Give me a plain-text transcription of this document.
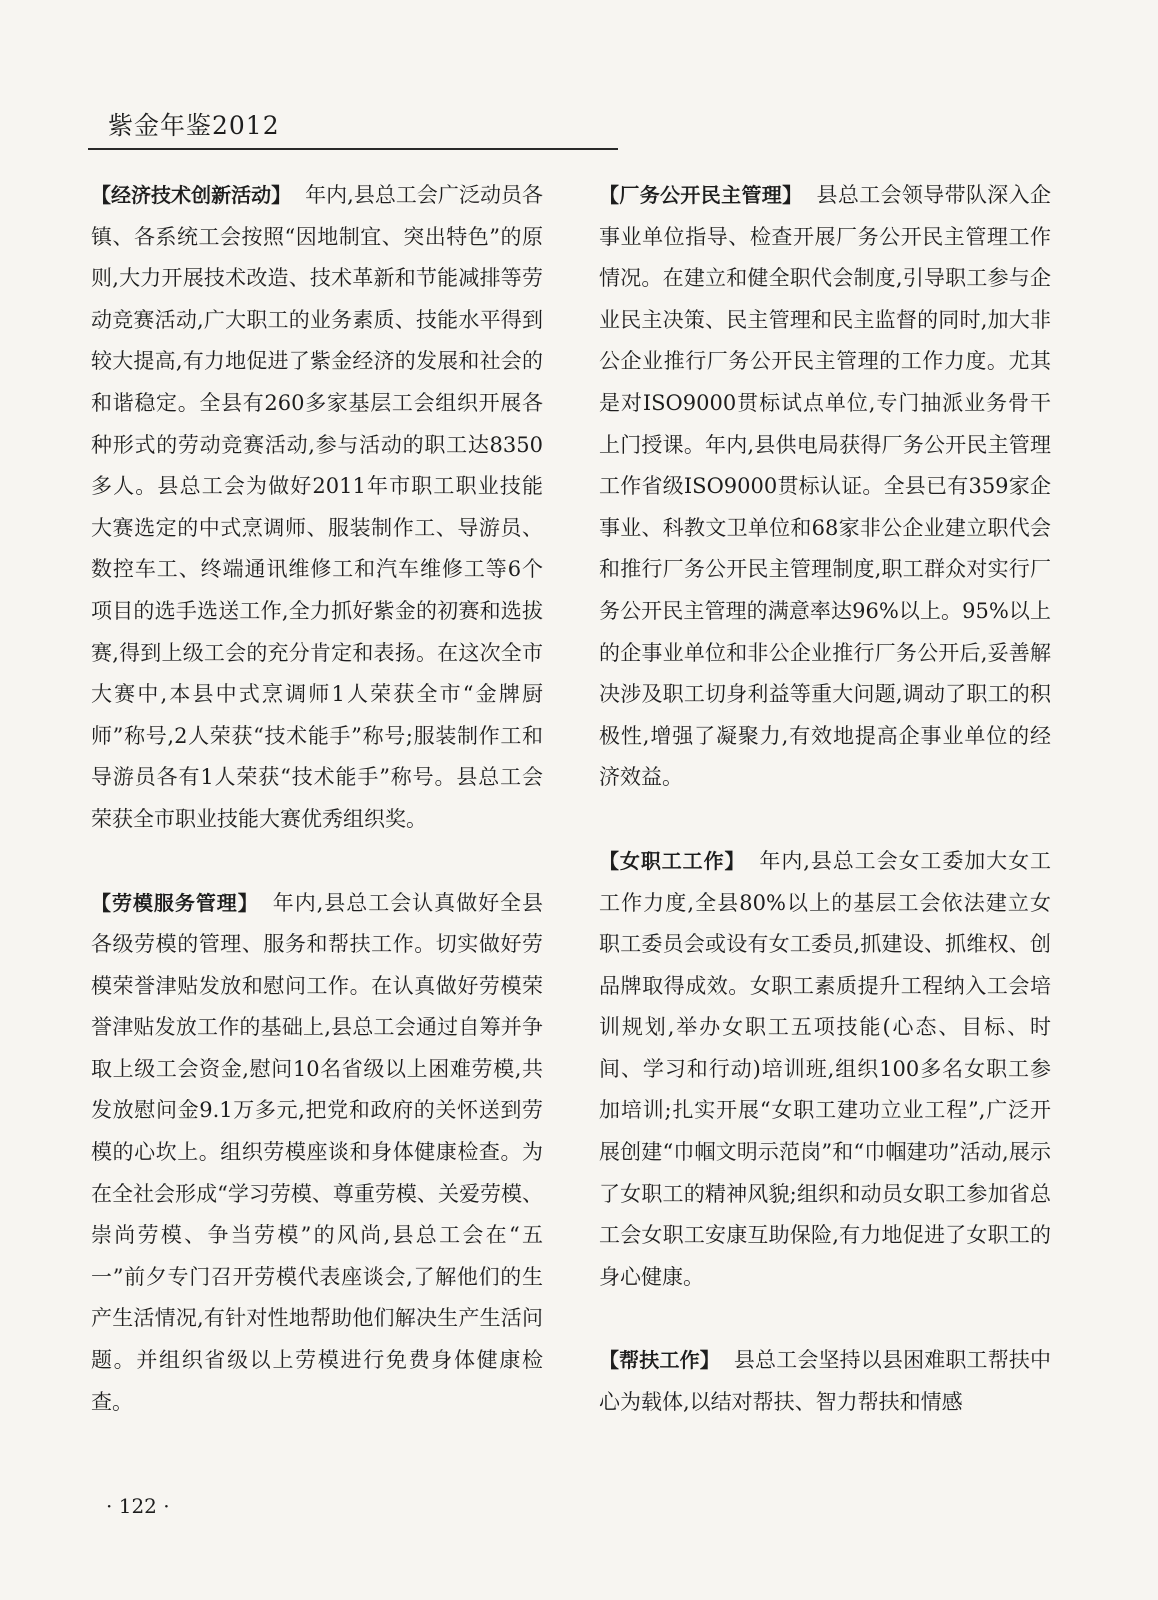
紫金年鉴2012

【经济技术创新活动】 年内,县总工会广泛动员各镇、各系统工会按照“因地制宜、突出特色”的原则,大力开展技术改造、技术革新和节能减排等劳动竞赛活动,广大职工的业务素质、技能水平得到较大提高,有力地促进了紫金经济的发展和社会的和谐稳定。全县有260多家基层工会组织开展各种形式的劳动竞赛活动,参与活动的职工达8350多人。县总工会为做好2011年市职工职业技能大赛选定的中式烹调师、服装制作工、导游员、数控车工、终端通讯维修工和汽车维修工等6个项目的选手选送工作,全力抓好紫金的初赛和选拔赛,得到上级工会的充分肯定和表扬。在这次全市大赛中,本县中式烹调师1人荣获全市“金牌厨师”称号,2人荣获“技术能手”称号;服装制作工和导游员各有1人荣获“技术能手”称号。县总工会荣获全市职业技能大赛优秀组织奖。

【劳模服务管理】 年内,县总工会认真做好全县各级劳模的管理、服务和帮扶工作。切实做好劳模荣誉津贴发放和慰问工作。在认真做好劳模荣誉津贴发放工作的基础上,县总工会通过自筹并争取上级工会资金,慰问10名省级以上困难劳模,共发放慰问金9.1万多元,把党和政府的关怀送到劳模的心坎上。组织劳模座谈和身体健康检查。为在全社会形成“学习劳模、尊重劳模、关爱劳模、崇尚劳模、争当劳模”的风尚,县总工会在“五一”前夕专门召开劳模代表座谈会,了解他们的生产生活情况,有针对性地帮助他们解决生产生活问题。并组织省级以上劳模进行免费身体健康检查。

【厂务公开民主管理】 县总工会领导带队深入企事业单位指导、检查开展厂务公开民主管理工作情况。在建立和健全职代会制度,引导职工参与企业民主决策、民主管理和民主监督的同时,加大非公企业推行厂务公开民主管理的工作力度。尤其是对ISO9000贯标试点单位,专门抽派业务骨干上门授课。年内,县供电局获得厂务公开民主管理工作省级ISO9000贯标认证。全县已有359家企事业、科教文卫单位和68家非公企业建立职代会和推行厂务公开民主管理制度,职工群众对实行厂务公开民主管理的满意率达96%以上。95%以上的企事业单位和非公企业推行厂务公开后,妥善解决涉及职工切身利益等重大问题,调动了职工的积极性,增强了凝聚力,有效地提高企事业单位的经济效益。

【女职工工作】 年内,县总工会女工委加大女工工作力度,全县80%以上的基层工会依法建立女职工委员会或设有女工委员,抓建设、抓维权、创品牌取得成效。女职工素质提升工程纳入工会培训规划,举办女职工五项技能(心态、目标、时间、学习和行动)培训班,组织100多名女职工参加培训;扎实开展“女职工建功立业工程”,广泛开展创建“巾帼文明示范岗”和“巾帼建功”活动,展示了女职工的精神风貌;组织和动员女职工参加省总工会女职工安康互助保险,有力地促进了女职工的身心健康。

【帮扶工作】 县总工会坚持以县困难职工帮扶中心为载体,以结对帮扶、智力帮扶和情感

· 122 ·
